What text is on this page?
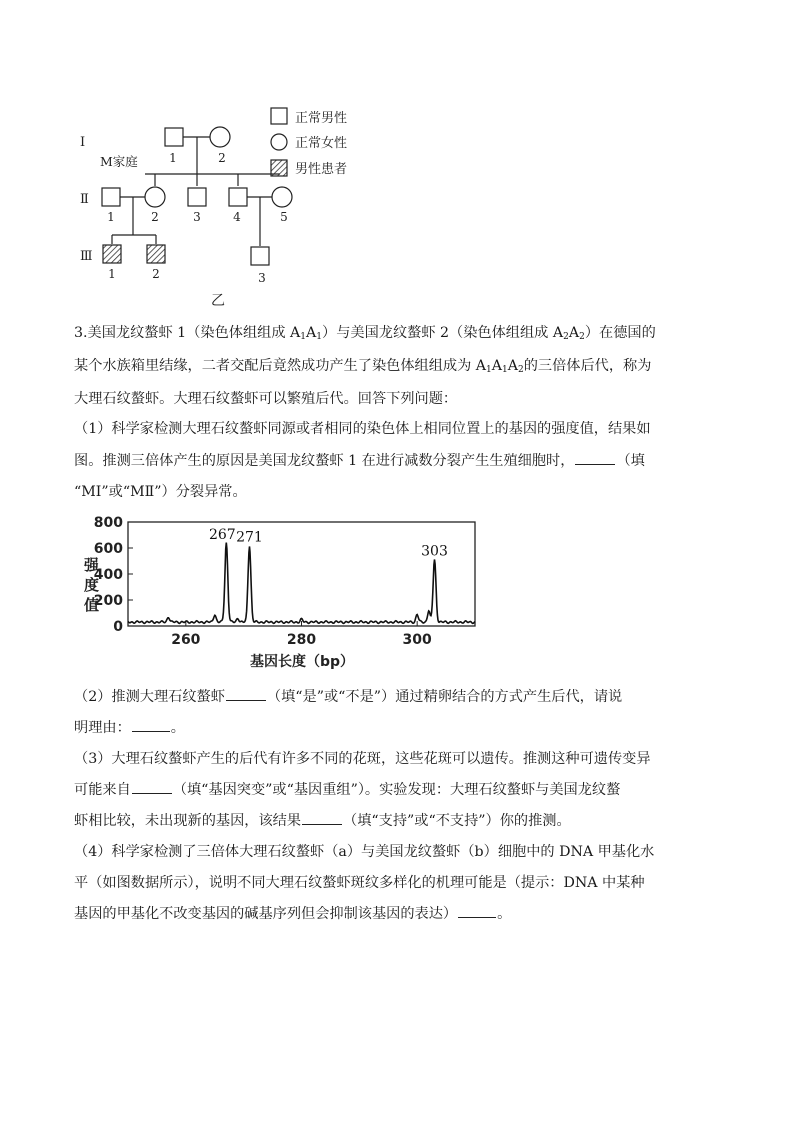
Ⅰ
Ⅱ
Ⅲ
M家庭	1	2
1	2	3	4	5
1	2	3
乙
正常男性
正常女性
男性患者

3.美国龙纹螯虾 1（染色体组组成 $A_1A_1$）与美国龙纹螯虾 2（染色体组组成 $A_2A_2$）在德国的

某个水族箱里结缘，二者交配后竟然成功产生了染色体组组成为 $A_1A_1A_2$的三倍体后代，称为

大理石纹螯虾。大理石纹螯虾可以繁殖后代。回答下列问题：

（1）科学家检测大理石纹螯虾同源或者相同的染色体上相同位置上的基因的强度值，结果如

图。推测三倍体产生的原因是美国龙纹螯虾 1 在进行减数分裂产生生殖细胞时，	（填

“MⅠ”或“MⅡ”）分裂异常。

0
200
400
600
800
260	280	300
267 271
303
强
度
值
基因长度（bp）

（2）推测大理石纹螯虾	（填“是”或“不是”）通过精卵结合的方式产生后代，请说

明理由：	。

（3）大理石纹螯虾产生的后代有许多不同的花斑，这些花斑可以遗传。推测这种可遗传变异

可能来自	（填“基因突变”或“基因重组”）。实验发现：大理石纹螯虾与美国龙纹螯

虾相比较，未出现新的基因，该结果	（填“支持”或“不支持”）你的推测。

（4）科学家检测了三倍体大理石纹螯虾（a）与美国龙纹螯虾（b）细胞中的 DNA 甲基化水

平（如图数据所示），说明不同大理石纹螯虾斑纹多样化的机理可能是（提示：DNA 中某种

基因的甲基化不改变基因的碱基序列但会抑制该基因的表达）	。
